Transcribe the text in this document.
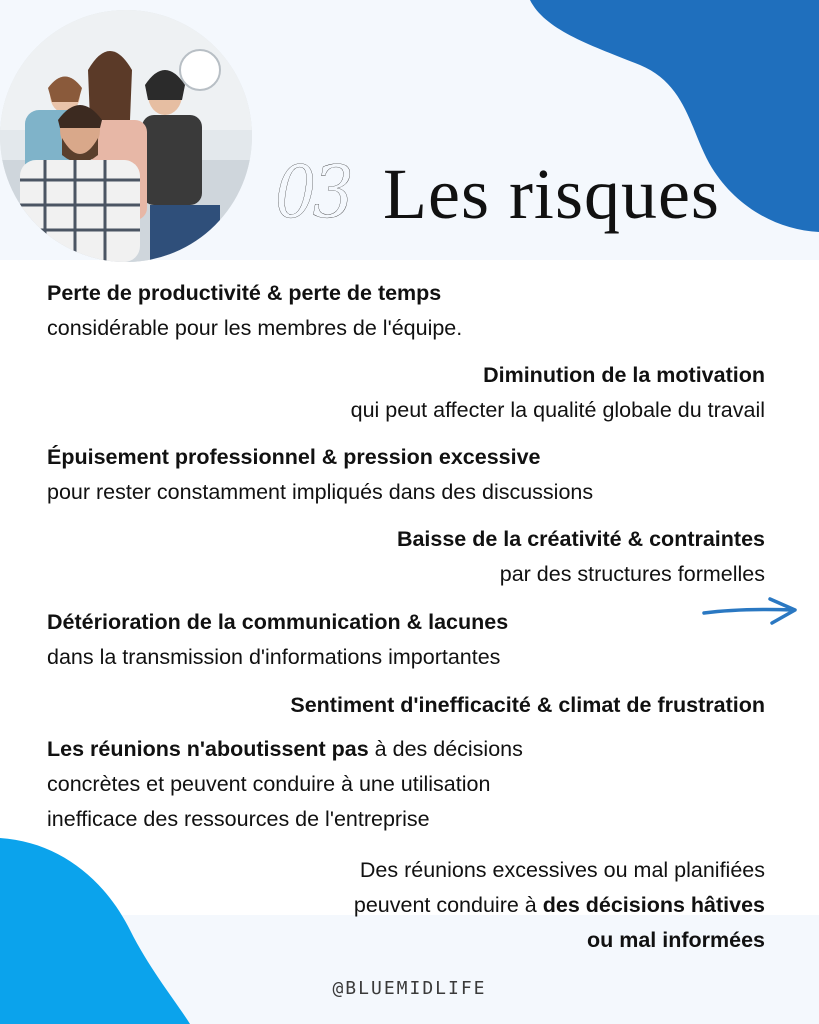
03 Les risques
Perte de productivité & perte de temps
considérable pour les membres de l'équipe.
Diminution de la motivation
qui peut affecter la qualité globale du travail
Épuisement professionnel & pression excessive
pour rester constamment impliqués dans des discussions
Baisse de la créativité & contraintes
par des structures formelles
Détérioration de la communication & lacunes
dans la transmission d'informations importantes
Sentiment d'inefficacité & climat de frustration
Les réunions n'aboutissent pas à des décisions
concrètes et peuvent conduire à une utilisation
inefficace des ressources de l'entreprise
Des réunions excessives ou mal planifiées
peuvent conduire à des décisions hâtives
ou mal informées
@BLUEMIDLIFE
